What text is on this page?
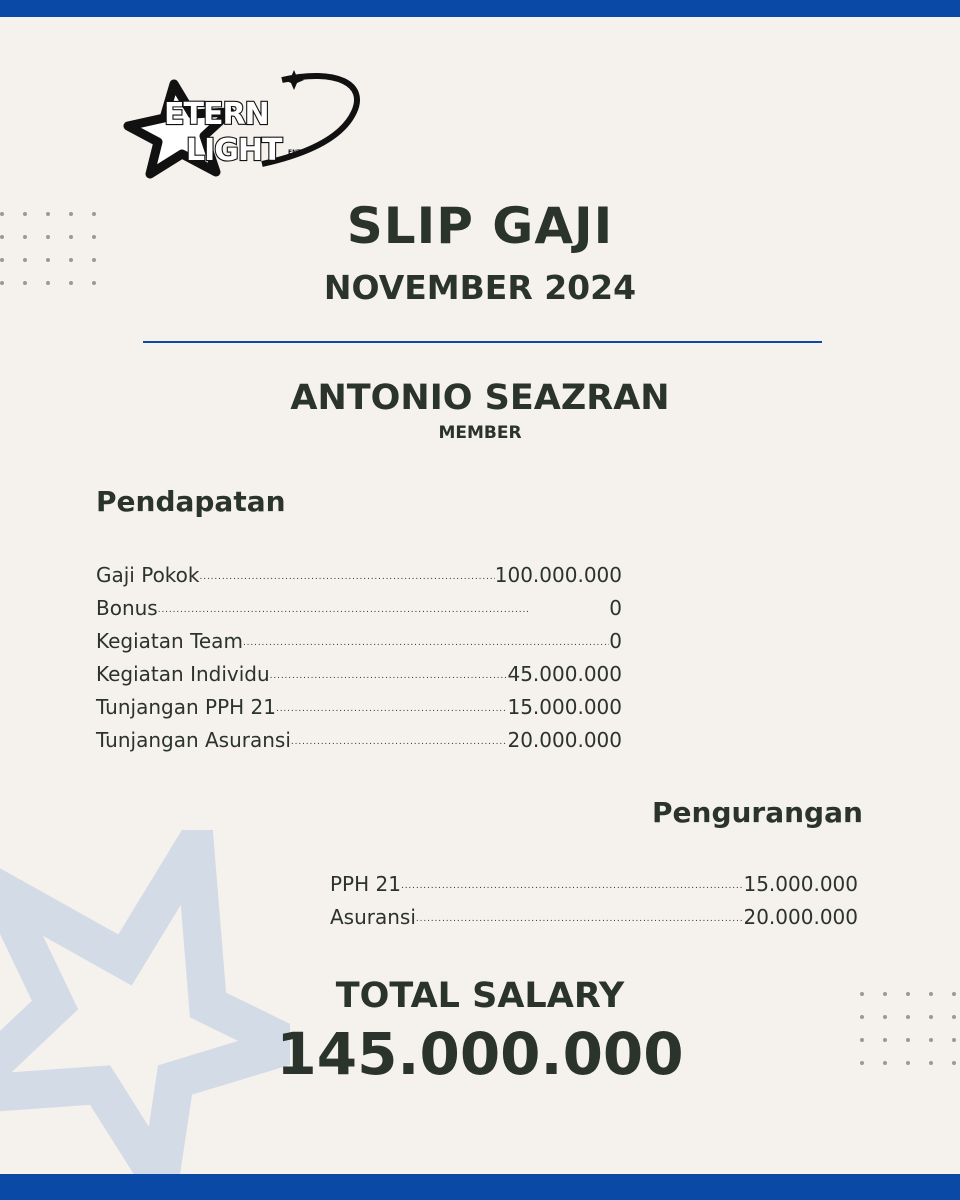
ETERN
LIGHT ENT
SLIP GAJI
NOVEMBER 2024
ANTONIO SEAZRAN
MEMBER
Pendapatan
Gaji Pokok . . .	100.000.000
Bonus . . .	0
Kegiatan Team . . .	0
Kegiatan Individu . . .	45.000.000
Tunjangan PPH 21 . . .	15.000.000
Tunjangan Asuransi . . .	20.000.000
Pengurangan
PPH 21 . . .	15.000.000
Asuransi . . .	20.000.000
TOTAL SALARY
145.000.000
